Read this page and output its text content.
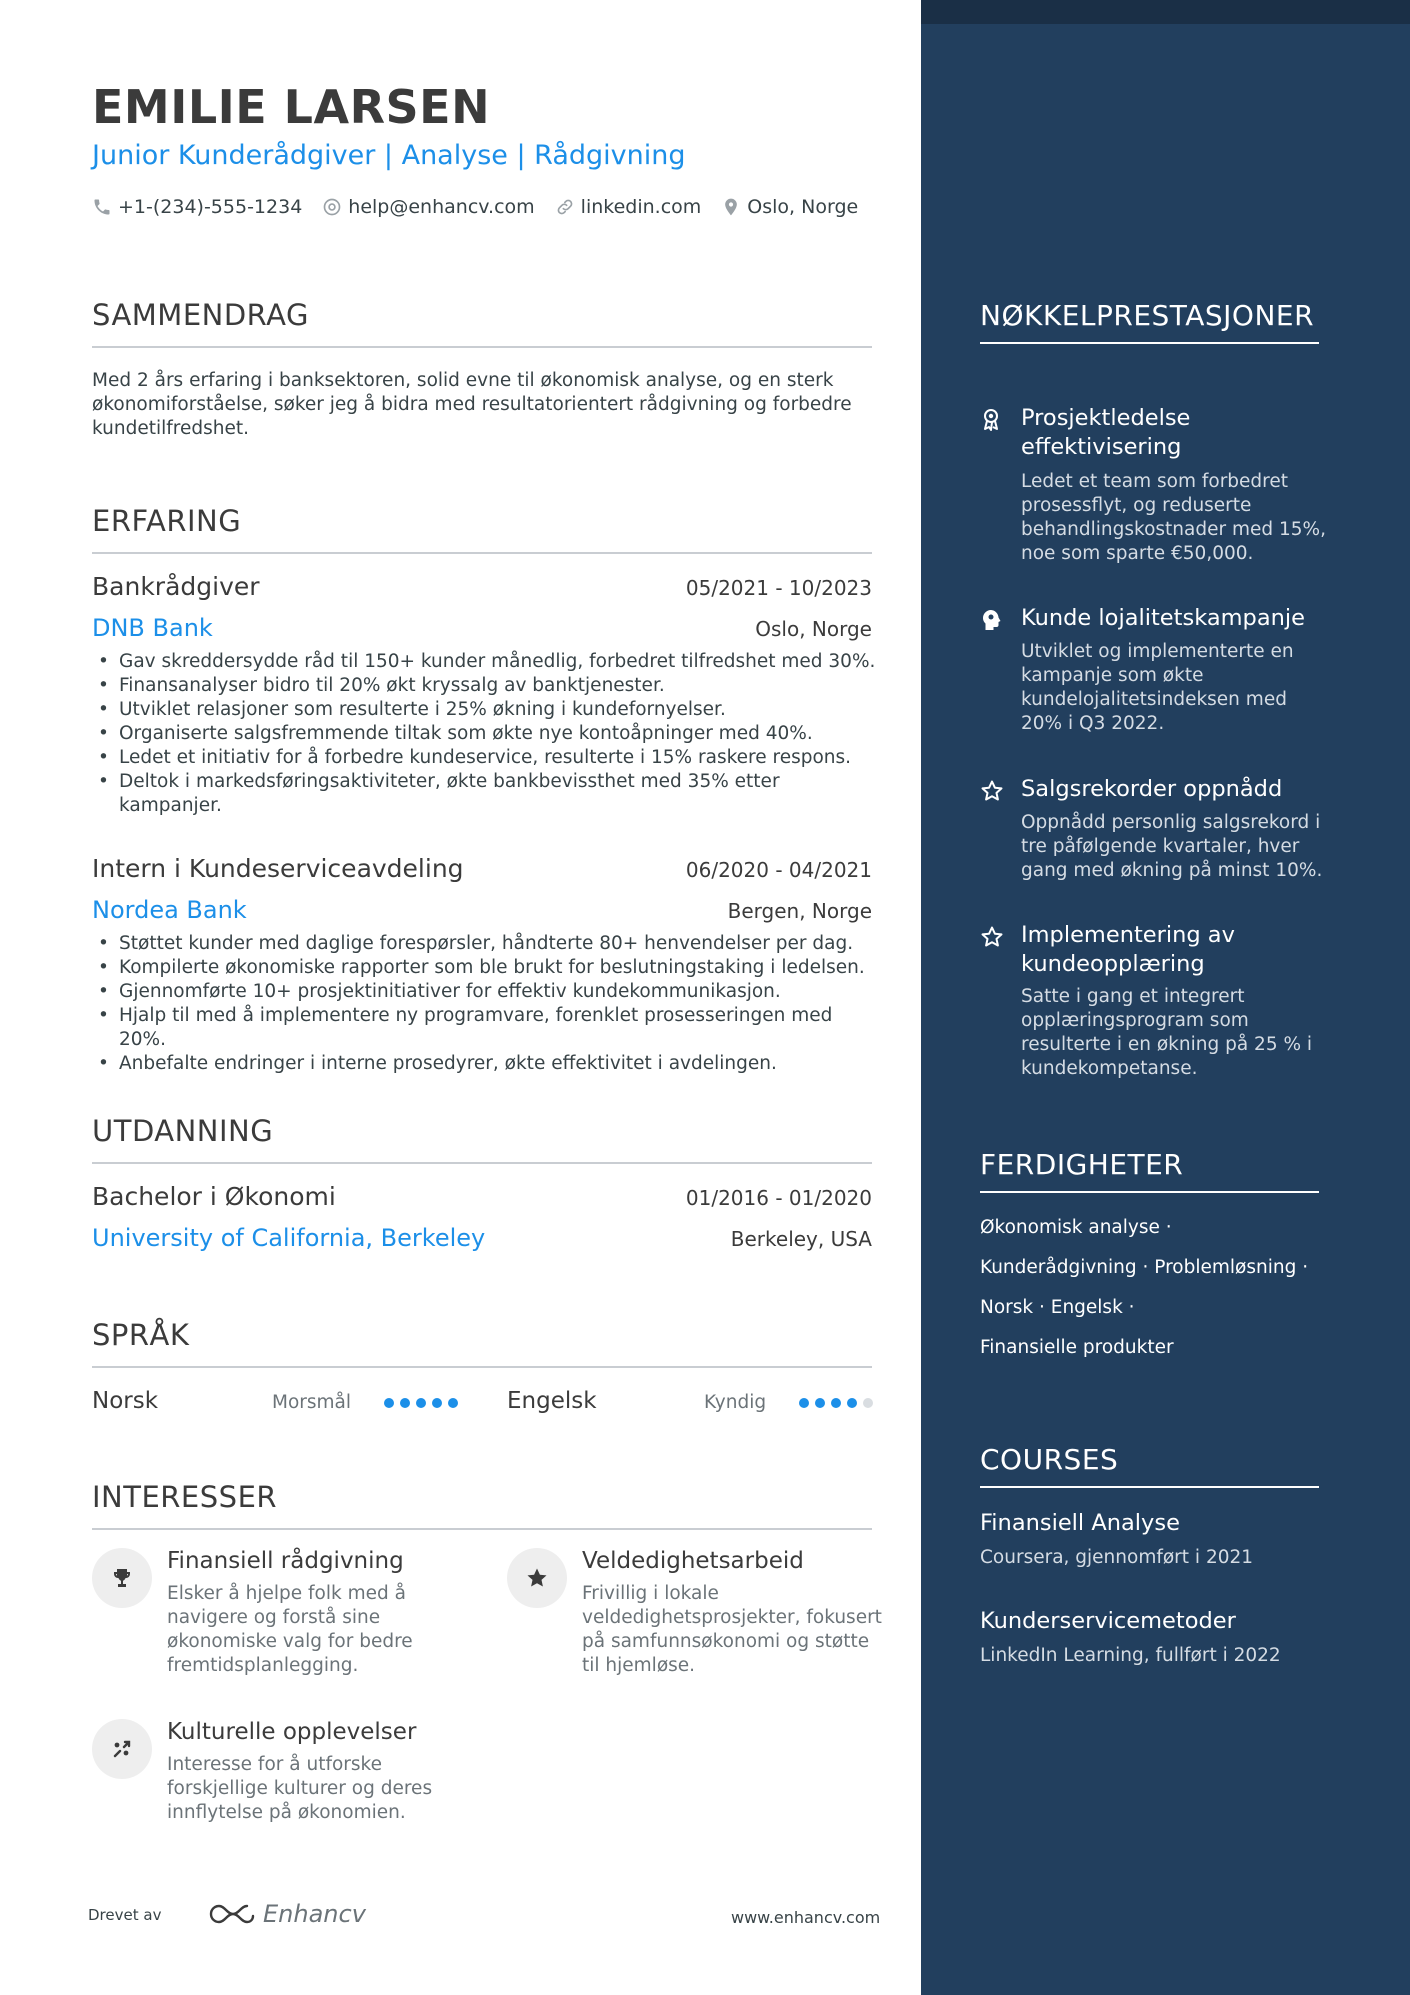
EMILIE LARSEN
Junior Kunderådgiver | Analyse | Rådgivning
+1-(234)-555-1234 help@enhancv.com linkedin.com Oslo, Norge
SAMMENDRAG
Med 2 års erfaring i banksektoren, solid evne til økonomisk analyse, og en sterk økonomiforståelse, søker jeg å bidra med resultatorientert rådgivning og forbedre kundetilfredshet.
ERFARING
Bankrådgiver	05/2021 - 10/2023
DNB Bank	Oslo, Norge
• Gav skreddersydde råd til 150+ kunder månedlig, forbedret tilfredshet med 30%.
• Finansanalyser bidro til 20% økt kryssalg av banktjenester.
• Utviklet relasjoner som resulterte i 25% økning i kundefornyelser.
• Organiserte salgsfremmende tiltak som økte nye kontoåpninger med 40%.
• Ledet et initiativ for å forbedre kundeservice, resulterte i 15% raskere respons.
• Deltok i markedsføringsaktiviteter, økte bankbevissthet med 35% etter kampanjer.
Intern i Kundeserviceavdeling	06/2020 - 04/2021
Nordea Bank	Bergen, Norge
• Støttet kunder med daglige forespørsler, håndterte 80+ henvendelser per dag.
• Kompilerte økonomiske rapporter som ble brukt for beslutningstaking i ledelsen.
• Gjennomførte 10+ prosjektinitiativer for effektiv kundekommunikasjon.
• Hjalp til med å implementere ny programvare, forenklet prosesseringen med 20%.
• Anbefalte endringer i interne prosedyrer, økte effektivitet i avdelingen.
UTDANNING
Bachelor i Økonomi	01/2016 - 01/2020
University of California, Berkeley	Berkeley, USA
SPRÅK
Norsk	Morsmål	Engelsk	Kyndig
INTERESSER
Finansiell rådgivning
Elsker å hjelpe folk med å navigere og forstå sine økonomiske valg for bedre fremtidsplanlegging.
Veldedighetsarbeid
Frivillig i lokale veldedighetsprosjekter, fokusert på samfunnsøkonomi og støtte til hjemløse.
Kulturelle opplevelser
Interesse for å utforske forskjellige kulturer og deres innflytelse på økonomien.
Drevet av	Enhancv	www.enhancv.com
NØKKELPRESTASJONER
Prosjektledelse effektivisering
Ledet et team som forbedret prosessflyt, og reduserte behandlingskostnader med 15%, noe som sparte €50,000.
Kunde lojalitetskampanje
Utviklet og implementerte en kampanje som økte kundelojalitetsindeksen med 20% i Q3 2022.
Salgsrekorder oppnådd
Oppnådd personlig salgsrekord i tre påfølgende kvartaler, hver gang med økning på minst 10%.
Implementering av kundeopplæring
Satte i gang et integrert opplæringsprogram som resulterte i en økning på 25 % i kundekompetanse.
FERDIGHETER
Økonomisk analyse ·
Kunderådgivning · Problemløsning ·
Norsk · Engelsk ·
Finansielle produkter
COURSES
Finansiell Analyse
Coursera, gjennomført i 2021
Kunderservicemetoder
LinkedIn Learning, fullført i 2022
